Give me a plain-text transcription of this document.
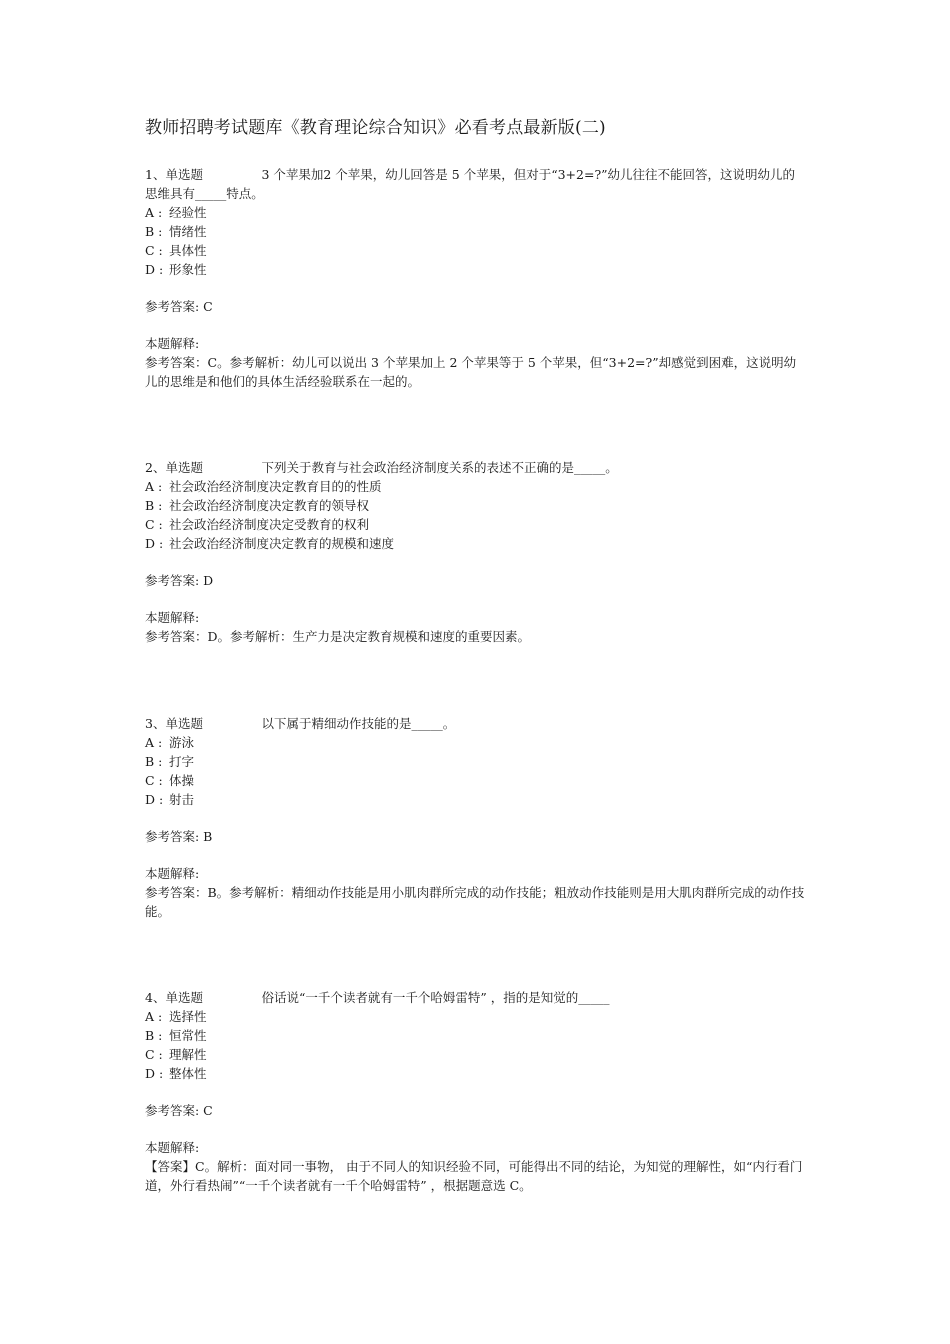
教师招聘考试题库《教育理论综合知识》必看考点最新版(二)
1、单选题	3 个苹果加2 个苹果，幼儿回答是 5 个苹果，但对于“3+2=?”幼儿往往不能回答，这说明幼儿的思维具有_____特点。
A : 经验性
B : 情绪性
C : 具体性
D : 形象性
参考答案: C
本题解释:
参考答案：C。参考解析：幼儿可以说出 3 个苹果加上 2 个苹果等于 5 个苹果，但“3+2=?”却感觉到困难，这说明幼儿的思维是和他们的具体生活经验联系在一起的。
2、单选题	下列关于教育与社会政治经济制度关系的表述不正确的是_____。
A : 社会政治经济制度决定教育目的的性质
B : 社会政治经济制度决定教育的领导权
C : 社会政治经济制度决定受教育的权利
D : 社会政治经济制度决定教育的规模和速度
参考答案: D
本题解释:
参考答案：D。参考解析：生产力是决定教育规模和速度的重要因素。
3、单选题	以下属于精细动作技能的是_____。
A : 游泳
B : 打字
C : 体操
D : 射击
参考答案: B
本题解释:
参考答案：B。参考解析：精细动作技能是用小肌肉群所完成的动作技能；粗放动作技能则是用大肌肉群所完成的动作技能。
4、单选题	俗话说“一千个读者就有一千个哈姆雷特” ，指的是知觉的_____
A : 选择性
B : 恒常性
C : 理解性
D : 整体性
参考答案: C
本题解释:
【答案】C。解析：面对同一事物， 由于不同人的知识经验不同，可能得出不同的结论，为知觉的理解性，如“内行看门道，外行看热闹”“一千个读者就有一千个哈姆雷特” ，根据题意选 C。
